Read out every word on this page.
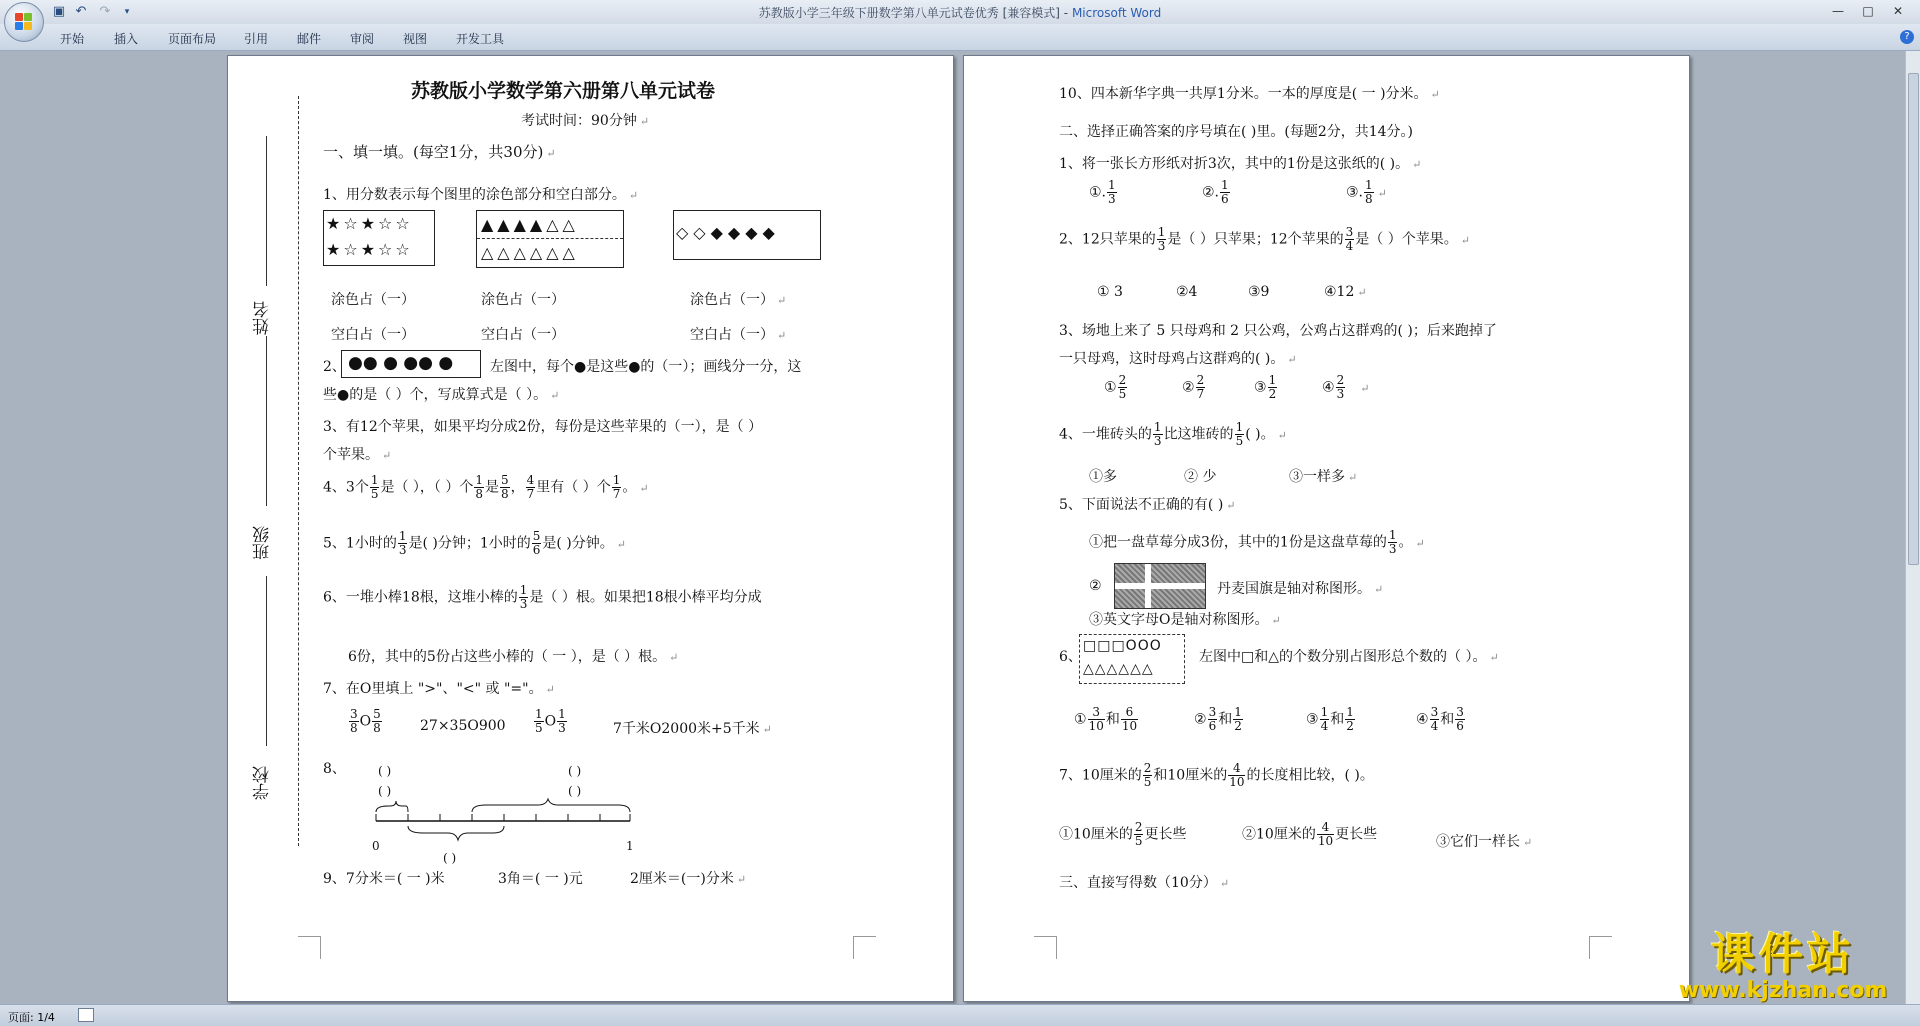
▣ ↶ ↷	▾	苏教版小学三年级下册数学第八单元试卷优秀 [兼容模式] - Microsoft Word	—	□	✕
开始 插入 页面布局 引用 邮件 审阅 视图 开发工具	?
姓名
班级
学校
苏教版小学数学第六册第八单元试卷
考试时间：90分钟 ↵
一、填一填。(每空1分，共30分) ↵
1、用分数表示每个图里的涂色部分和空白部分。 ↵
★☆★☆☆
★☆★☆☆
▲▲▲▲△△
△△△△△△
◇◇◆◆◆◆
涂色占（一）	涂色占（一）	涂色占（一） ↵
空白占（一）	空白占（一）	空白占（一） ↵
2、 ●● ● ●● ●	左图中，每个●是这些●的（一）；画线分一分，这
些●的是（ ）个，写成算式是（ ）。 ↵
3、有12个苹果，如果平均分成2份，每份是这些苹果的（一），是（ ）
个苹果。 ↵
4、3个 $\frac{1}{5}$ 是（ ），（ ）个 $\frac{1}{8}$ 是 $\frac{5}{8}$ ， $\frac{4}{7}$ 里有（ ）个 $\frac{1}{7}$ 。 ↵
5、1小时的 $\frac{1}{3}$ 是( )分钟；1小时的 $\frac{5}{6}$ 是( )分钟。 ↵
6、一堆小棒18根，这堆小棒的 $\frac{1}{3}$ 是（ ）根。如果把18根小棒平均分成
6份，其中的5份占这些小棒的（ 一 ），是（ ）根。 ↵
7、在O里填上 ">"、"<" 或 "="。 ↵
$\frac{3}{8}$ O $\frac{5}{8}$	$27\times 35O900 \frac{1}{5}$ O $\frac{1}{3}$	7千米O2000米+5千米 ↵
8、	( )
( )
( )
( )
0	1
( )
9、7分米＝( 一 )米	3角＝( 一 )元	2厘米＝(一)分米 ↵
10、四本新华字典一共厚1分米。一本的厚度是( 一 )分米。 ↵
二、选择正确答案的序号填在( )里。(每题2分，共14分。)
1、将一张长方形纸对折3次，其中的1份是这张纸的( )。 ↵
①. $\frac{1}{3}$	②. $\frac{1}{6}$	③. $\frac{1}{8}$ ↵
2、12只苹果的 $\frac{1}{3}$ 是（ ）只苹果；12个苹果的 $\frac{3}{4}$ 是（ ）个苹果。 ↵
① 3	②4	③9	④12 ↵
3、场地上来了 5 只母鸡和 2 只公鸡，公鸡占这群鸡的( )；后来跑掉了
一只母鸡，这时母鸡占这群鸡的( )。 ↵
① $\frac{2}{5}$	② $\frac{2}{7}$	③ $\frac{1}{2}$	④ $\frac{2}{3}$ ↵
4、一堆砖头的 $\frac{1}{3}$ 比这堆砖的 $\frac{1}{5}$ ( )。 ↵
①多	② 少	③一样多 ↵
5、下面说法不正确的有( ) ↵
①把一盘草莓分成3份，其中的1份是这盘草莓的 $\frac{1}{3}$ 。 ↵
②	丹麦国旗是轴对称图形。 ↵
③英文字母O是轴对称图形。 ↵
6、
□□□OOO
△△△△△△
左图中□和△的个数分别占图形总个数的（ ）。 ↵
① $\frac{3}{10}$ 和 $\frac{6}{10}$	② $\frac{3}{6}$ 和 $\frac{1}{2}$	③ $\frac{1}{4}$ 和 $\frac{1}{2}$	④ $\frac{3}{4}$ 和 $\frac{3}{6}$
7、10厘米的 $\frac{2}{5}$ 和10厘米的 $\frac{4}{10}$ 的长度相比较，( )。
①10厘米的 $\frac{2}{5}$ 更长些	②10厘米的 $\frac{4}{10}$ 更长些	③它们一样长 ↵
三、直接写得数（10分） ↵
页面: 1/4
课件站
www.kjzhan.com
